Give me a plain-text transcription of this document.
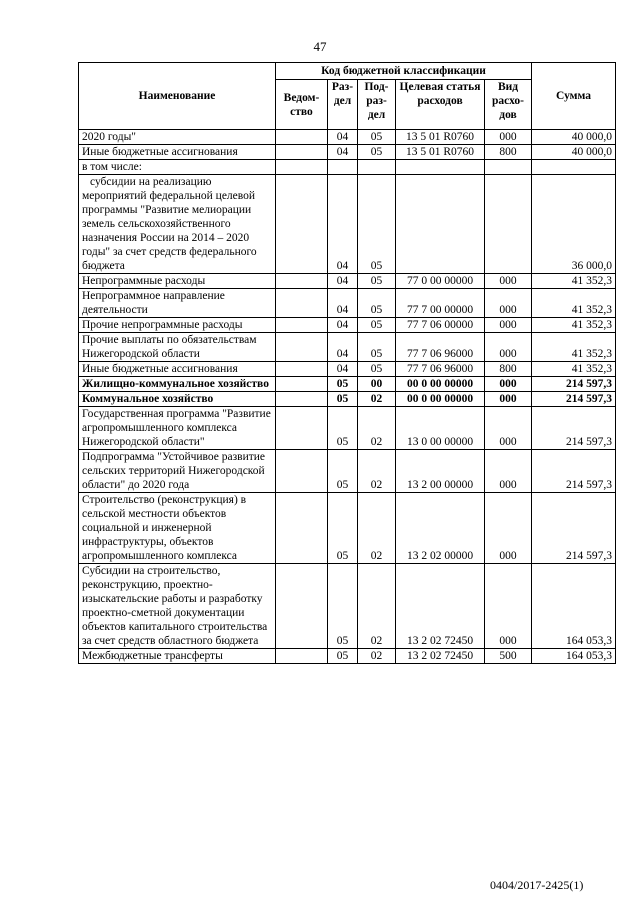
47
Наименование	Код бюджетной классификации					Сумма
	Ведом-ство	Раз-дел	Под-раз-дел	Целевая статья расходов	Вид расхо-дов	
2020 годы"		04	05	13 5 01 R0760	000	40 000,0
Иные бюджетные ассигнования		04	05	13 5 01 R0760	800	40 000,0
в том числе:						
субсидии на реализацию мероприятий федеральной целевой программы "Развитие мелиорации земель сельскохозяйственного назначения России на 2014 – 2020 годы" за счет средств федерального бюджета		04	05			36 000,0
Непрограммные расходы		04	05	77 0 00 00000	000	41 352,3
Непрограммное направление деятельности		04	05	77 7 00 00000	000	41 352,3
Прочие непрограммные расходы		04	05	77 7 06 00000	000	41 352,3
Прочие выплаты по обязательствам Нижегородской области		04	05	77 7 06 96000	000	41 352,3
Иные бюджетные ассигнования		04	05	77 7 06 96000	800	41 352,3
Жилищно-коммунальное хозяйство		05	00	00 0 00 00000	000	214 597,3
Коммунальное хозяйство		05	02	00 0 00 00000	000	214 597,3
Государственная программа "Развитие агропромышленного комплекса Нижегородской области"		05	02	13 0 00 00000	000	214 597,3
Подпрограмма "Устойчивое развитие сельских территорий Нижегородской области" до 2020 года		05	02	13 2 00 00000	000	214 597,3
Строительство (реконструкция) в сельской местности объектов социальной и инженерной инфраструктуры, объектов агропромышленного комплекса		05	02	13 2 02 00000	000	214 597,3
Субсидии на строительство, реконструкцию, проектно-изыскательские работы и разработку проектно-сметной документации объектов капитального строительства за счет средств областного бюджета		05	02	13 2 02 72450	000	164 053,3
Межбюджетные трансферты		05	02	13 2 02 72450	500	164 053,3
0404/2017-2425(1)
